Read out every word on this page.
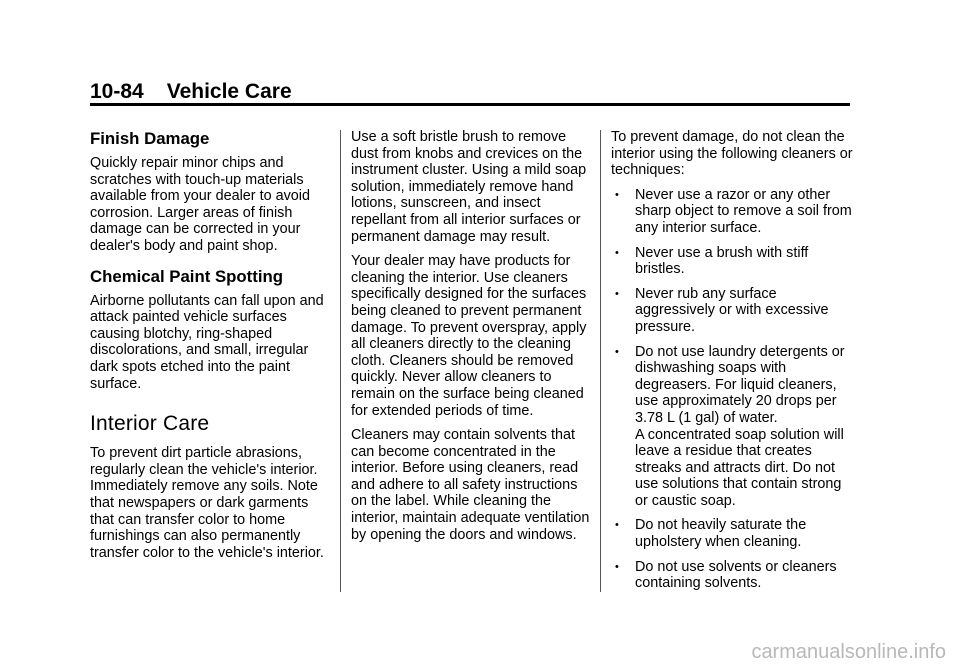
10-84 Vehicle Care
Finish Damage

Quickly repair minor chips and scratches with touch-up materials available from your dealer to avoid corrosion. Larger areas of finish damage can be corrected in your dealer's body and paint shop.

Chemical Paint Spotting

Airborne pollutants can fall upon and attack painted vehicle surfaces causing blotchy, ring-shaped discolorations, and small, irregular dark spots etched into the paint surface.

Interior Care

To prevent dirt particle abrasions, regularly clean the vehicle's interior. Immediately remove any soils. Note that newspapers or dark garments that can transfer color to home furnishings can also permanently transfer color to the vehicle's interior.

Use a soft bristle brush to remove dust from knobs and crevices on the instrument cluster. Using a mild soap solution, immediately remove hand lotions, sunscreen, and insect repellant from all interior surfaces or permanent damage may result.

Your dealer may have products for cleaning the interior. Use cleaners specifically designed for the surfaces being cleaned to prevent permanent damage. To prevent overspray, apply all cleaners directly to the cleaning cloth. Cleaners should be removed quickly. Never allow cleaners to remain on the surface being cleaned for extended periods of time.

Cleaners may contain solvents that can become concentrated in the interior. Before using cleaners, read and adhere to all safety instructions on the label. While cleaning the interior, maintain adequate ventilation by opening the doors and windows.

To prevent damage, do not clean the interior using the following cleaners or techniques:

• Never use a razor or any other sharp object to remove a soil from any interior surface.
• Never use a brush with stiff bristles.
• Never rub any surface aggressively or with excessive pressure.
• Do not use laundry detergents or dishwashing soaps with degreasers. For liquid cleaners, use approximately 20 drops per 3.78 L (1 gal) of water.
A concentrated soap solution will leave a residue that creates streaks and attracts dirt. Do not use solutions that contain strong or caustic soap.
• Do not heavily saturate the upholstery when cleaning.
• Do not use solvents or cleaners containing solvents.
carmanualsonline.info
